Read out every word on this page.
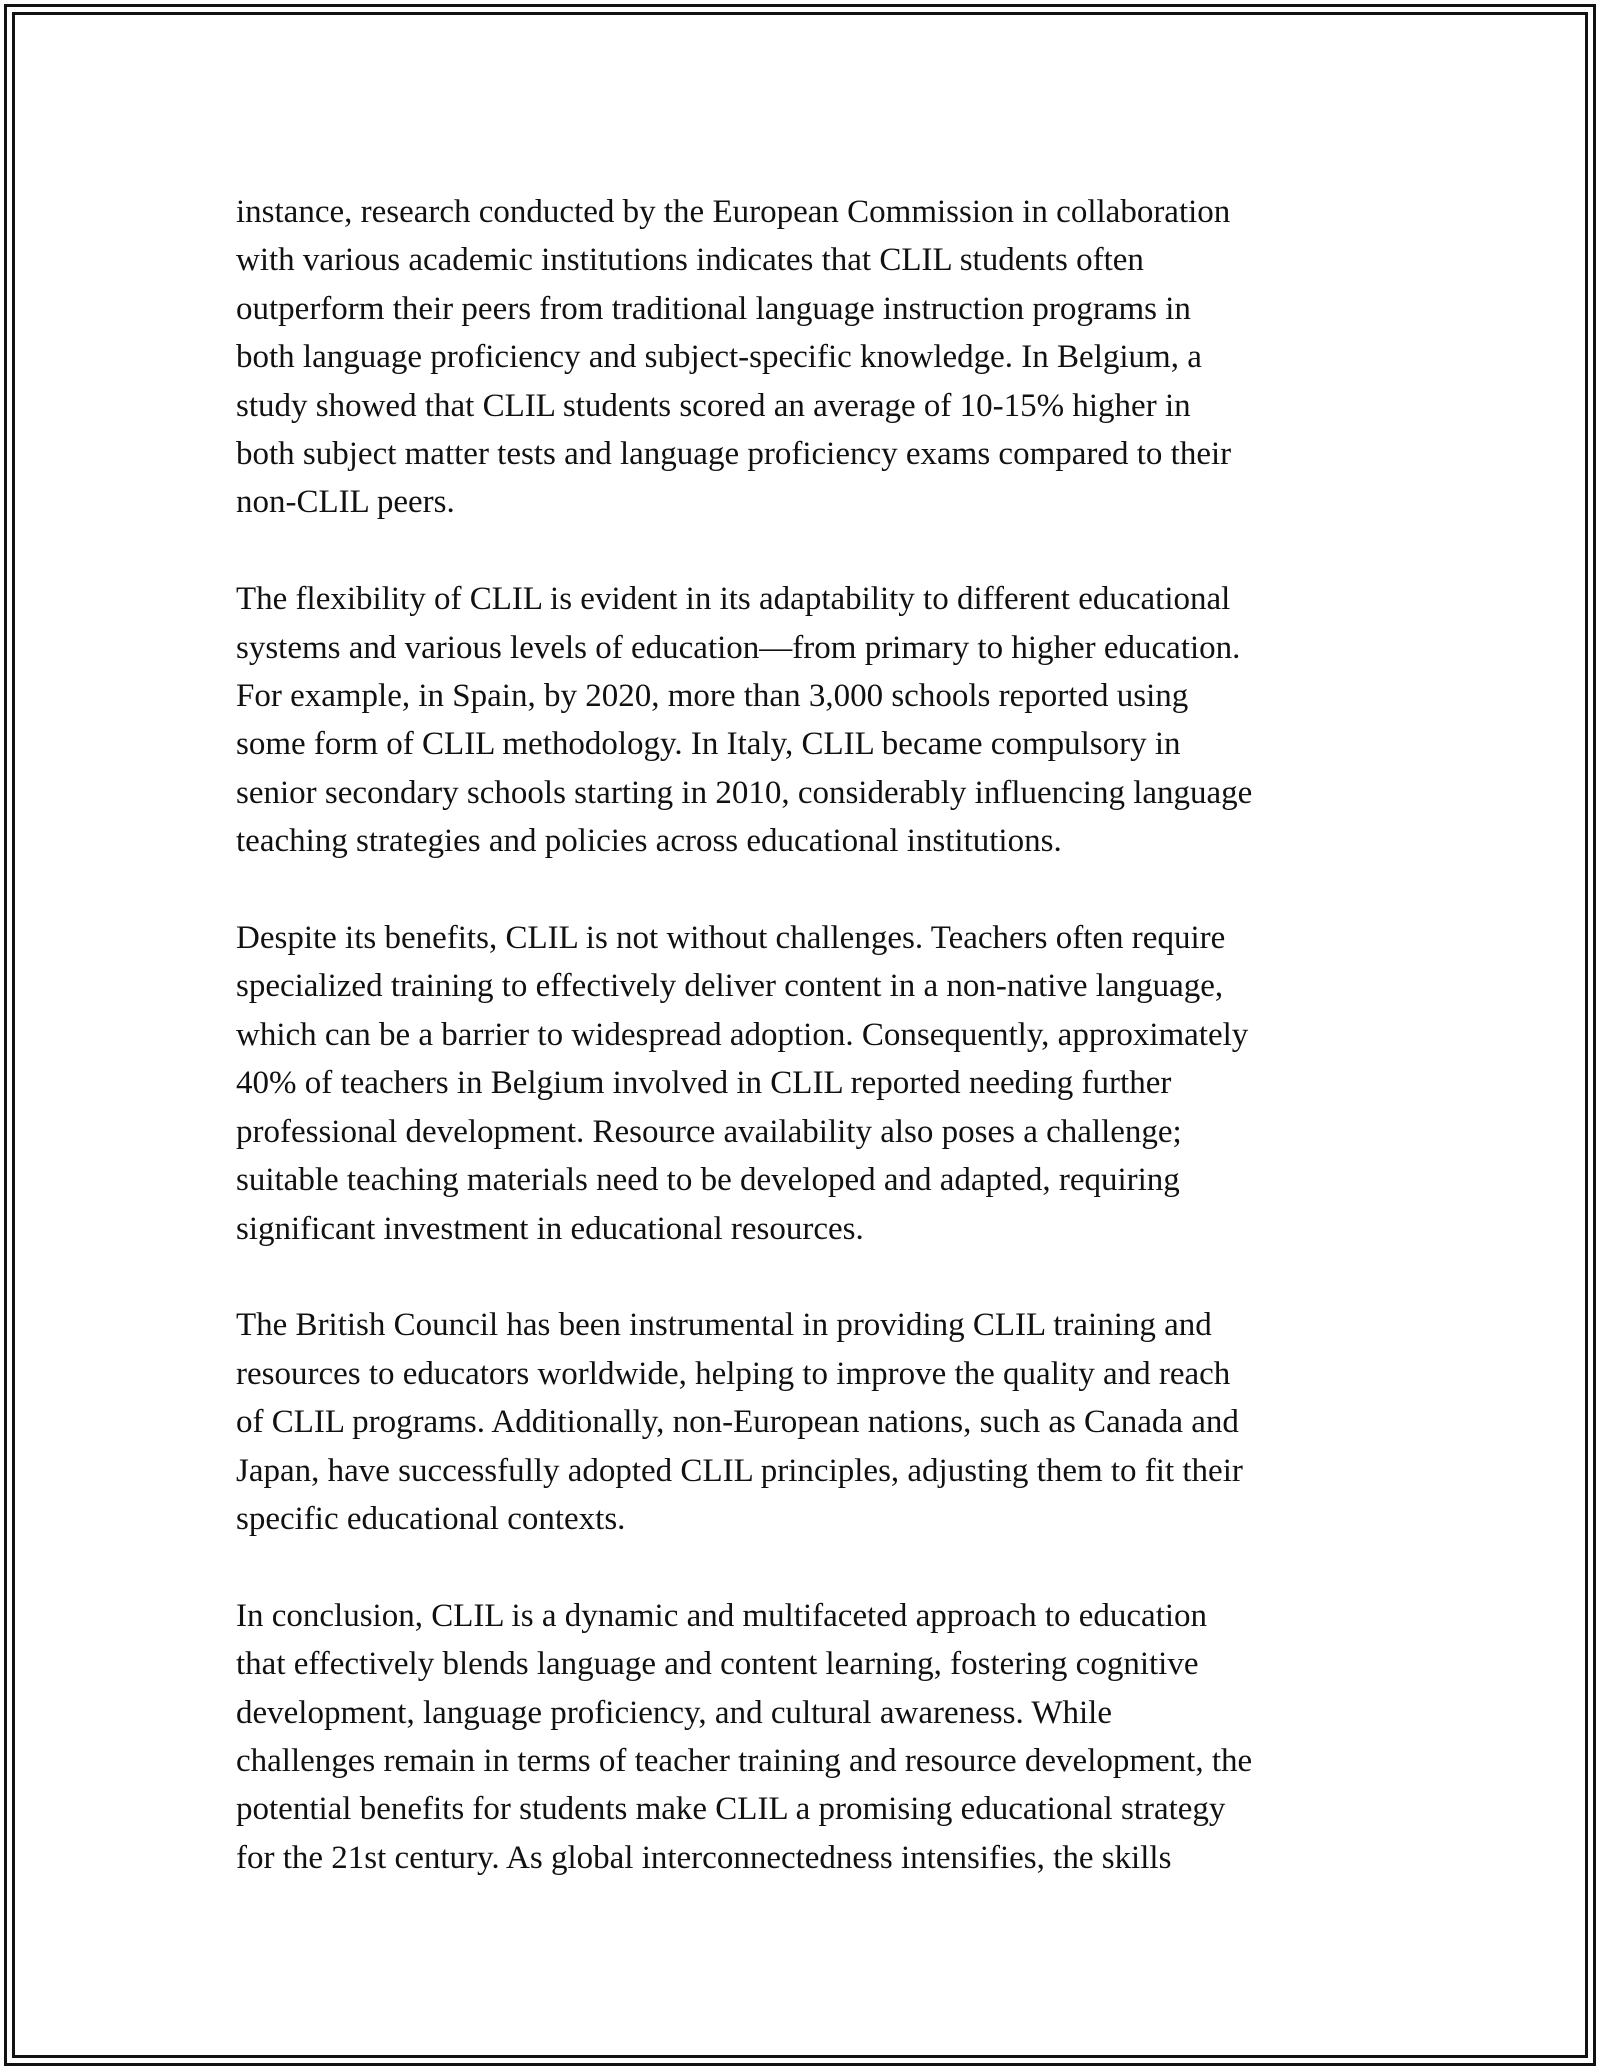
instance, research conducted by the European Commission in collaboration
with various academic institutions indicates that CLIL students often
outperform their peers from traditional language instruction programs in
both language proficiency and subject-specific knowledge. In Belgium, a
study showed that CLIL students scored an average of 10-15% higher in
both subject matter tests and language proficiency exams compared to their
non-CLIL peers.

The flexibility of CLIL is evident in its adaptability to different educational
systems and various levels of education—from primary to higher education.
For example, in Spain, by 2020, more than 3,000 schools reported using
some form of CLIL methodology. In Italy, CLIL became compulsory in
senior secondary schools starting in 2010, considerably influencing language
teaching strategies and policies across educational institutions.

Despite its benefits, CLIL is not without challenges. Teachers often require
specialized training to effectively deliver content in a non-native language,
which can be a barrier to widespread adoption. Consequently, approximately
40% of teachers in Belgium involved in CLIL reported needing further
professional development. Resource availability also poses a challenge;
suitable teaching materials need to be developed and adapted, requiring
significant investment in educational resources.

The British Council has been instrumental in providing CLIL training and
resources to educators worldwide, helping to improve the quality and reach
of CLIL programs. Additionally, non-European nations, such as Canada and
Japan, have successfully adopted CLIL principles, adjusting them to fit their
specific educational contexts.

In conclusion, CLIL is a dynamic and multifaceted approach to education
that effectively blends language and content learning, fostering cognitive
development, language proficiency, and cultural awareness. While
challenges remain in terms of teacher training and resource development, the
potential benefits for students make CLIL a promising educational strategy
for the 21st century. As global interconnectedness intensifies, the skills
